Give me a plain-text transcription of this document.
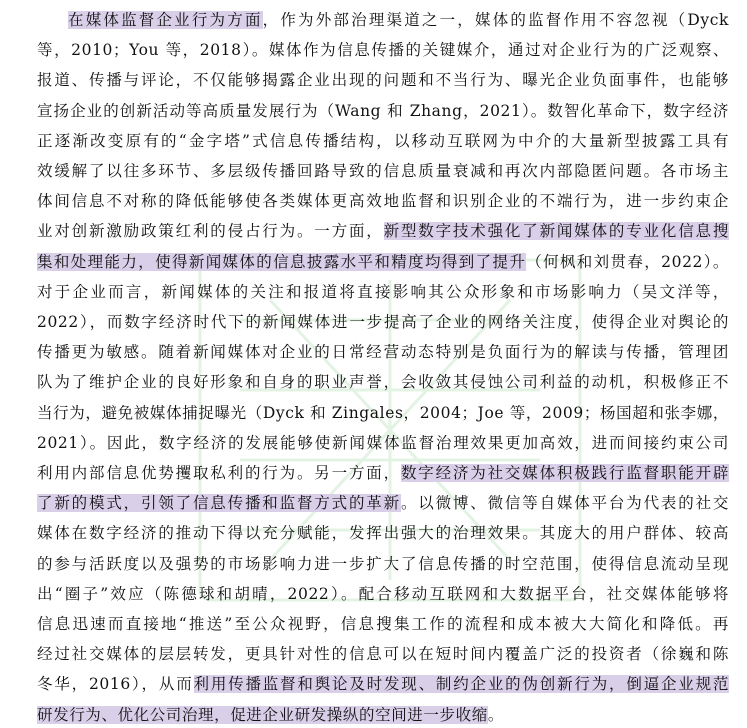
在媒体监督企业行为方面，作为外部治理渠道之一，媒体的监督作用不容忽视（Dyck
等，2010；You 等，2018）。媒体作为信息传播的关键媒介，通过对企业行为的广泛观察、
报道、传播与评论，不仅能够揭露企业出现的问题和不当行为、曝光企业负面事件，也能够
宣扬企业的创新活动等高质量发展行为（Wang 和 Zhang，2021）。数智化革命下，数字经济
正逐渐改变原有的“金字塔”式信息传播结构，以移动互联网为中介的大量新型披露工具有
效缓解了以往多环节、多层级传播回路导致的信息质量衰减和再次内部隐匿问题。各市场主
体间信息不对称的降低能够使各类媒体更高效地监督和识别企业的不端行为，进一步约束企
业对创新激励政策红利的侵占行为。一方面，新型数字技术强化了新闻媒体的专业化信息搜
集和处理能力，使得新闻媒体的信息披露水平和精度均得到了提升（何枫和刘贯春，2022）。
对于企业而言，新闻媒体的关注和报道将直接影响其公众形象和市场影响力（吴文洋等，
2022），而数字经济时代下的新闻媒体进一步提高了企业的网络关注度，使得企业对舆论的
传播更为敏感。随着新闻媒体对企业的日常经营动态特别是负面行为的解读与传播，管理团
队为了维护企业的良好形象和自身的职业声誉，会收敛其侵蚀公司利益的动机，积极修正不
当行为，避免被媒体捕捉曝光（Dyck 和 Zingales，2004；Joe 等，2009；杨国超和张李娜，
2021）。因此，数字经济的发展能够使新闻媒体监督治理效果更加高效，进而间接约束公司
利用内部信息优势攫取私利的行为。另一方面，数字经济为社交媒体积极践行监督职能开辟
了新的模式，引领了信息传播和监督方式的革新。以微博、微信等自媒体平台为代表的社交
媒体在数字经济的推动下得以充分赋能，发挥出强大的治理效果。其庞大的用户群体、较高
的参与活跃度以及强势的市场影响力进一步扩大了信息传播的时空范围，使得信息流动呈现
出“圈子”效应（陈德球和胡晴，2022）。配合移动互联网和大数据平台，社交媒体能够将
信息迅速而直接地“推送”至公众视野，信息搜集工作的流程和成本被大大简化和降低。再
经过社交媒体的层层转发，更具针对性的信息可以在短时间内覆盖广泛的投资者（徐巍和陈
冬华，2016），从而利用传播监督和舆论及时发现、制约企业的伪创新行为，倒逼企业规范
研发行为、优化公司治理，促进企业研发操纵的空间进一步收缩。
